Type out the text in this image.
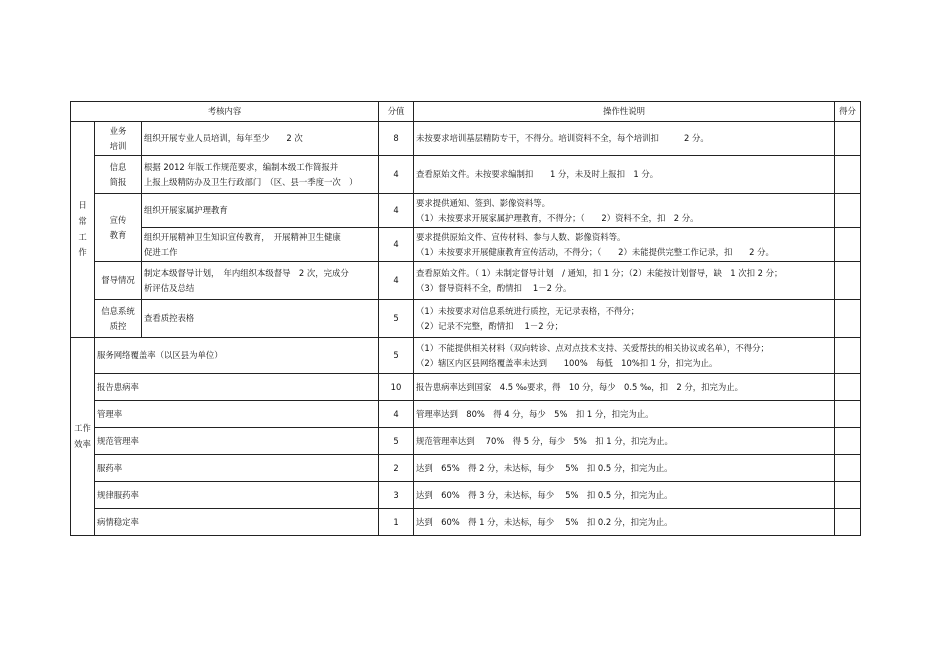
考核内容			分值	操作性说明	得分

日
常
工
作	业务
培训	组织开展专业人员培训，每年至少　　2 次	8	未按要求培训基层精防专干，不得分。培训资料不全，每个培训扣　　　2 分。	

	信息
简报	根据 2012 年版工作规范要求，编制本级工作简报并
上报上级精防办及卫生行政部门　（区、县一季度一次　）	4	查看原始文件。未按要求编制扣　　1 分，未及时上报扣　1 分。	

	宣传
教育	组织开展家属护理教育	4	要求提供通知、签到、影像资料等。
（1）未按要求开展家属护理教育，不得分；（　　2）资料不全，扣　2 分。	

		组织开展精神卫生知识宣传教育，　开展精神卫生健康
促进工作	4	要求提供原始文件、宣传材料、参与人数、影像资料等。
（1）未按要求开展健康教育宣传活动，不得分；（　　2）未能提供完整工作记录，扣　　2 分。	

	督导情况	制定本级督导计划，　年内组织本级督导　2 次，完成分
析评估及总结	4	查看原始文件。（ 1）未制定督导计划　/ 通知，扣 1 分；（2）未能按计划督导，缺　1 次扣 2 分；
（3）督导资料不全，酌情扣　 1－2 分。	

	信息系统
质控	查看质控表格	5	（1）未按要求对信息系统进行质控，无记录表格，不得分；
（2）记录不完整，酌情扣　 1－2 分；	

工作
效率	服务网络覆盖率（以区县为单位）		5	（1）不能提供相关材料（双向转诊、点对点技术支持、关爱帮扶的相关协议或名单），不得分；
（2）辖区内区县网络覆盖率未达到　　100%　每低　10%扣 1 分，扣完为止。	

	报告患病率		10	报告患病率达到国家　4.5 ‰要求，得　10 分，每少　0.5 ‰，扣　2 分，扣完为止。	

	管理率		4	管理率达到　80%　得 4 分，每少　5%　扣 1 分，扣完为止。	

	规范管理率		5	规范管理率达到　 70%　得 5 分，每少　5%　扣 1 分，扣完为止。	

	服药率		2	达到　65%　得 2 分，未达标，每少　 5%　扣 0.5 分，扣完为止。	

	规律服药率		3	达到　60%　得 3 分，未达标，每少　 5%　扣 0.5 分，扣完为止。	

	病情稳定率		1	达到　60%　得 1 分，未达标，每少　 5%　扣 0.2 分，扣完为止。	
